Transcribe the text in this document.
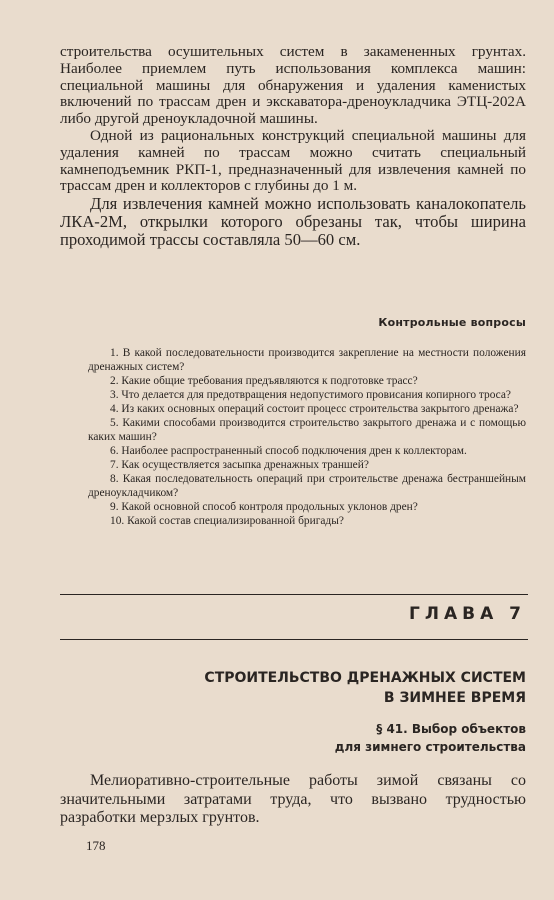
строительства осушительных систем в закамененных грунтах. Наиболее приемлем путь использования комплекса машин: специальной машины для обнаружения и удаления каменистых включений по трассам дрен и экскаватора-дреноукладчика ЭТЦ-202А либо другой дреноукладочной машины.

Одной из рациональных конструкций специальной машины для удаления камней по трассам можно считать специальный камнеподъемник РКП-1, предназначенный для извлечения камней по трассам дрен и коллекторов с глубины до 1 м.

Для извлечения камней можно использовать каналокопатель ЛКА-2М, открылки которого обрезаны так, чтобы ширина проходимой трассы составляла 50—60 см.

Контрольные вопросы

1. В какой последовательности производится закрепление на местности положения дренажных систем?

2. Какие общие требования предъявляются к подготовке трасс?

3. Что делается для предотвращения недопустимого провисания копирного троса?

4. Из каких основных операций состоит процесс строительства закрытого дренажа?

5. Какими способами производится строительство закрытого дренажа и с помощью каких машин?

6. Наиболее распространенный способ подключения дрен к коллекторам.

7. Как осуществляется засыпка дренажных траншей?

8. Какая последовательность операций при строительстве дренажа бестраншейным дреноукладчиком?

9. Какой основной способ контроля продольных уклонов дрен?

10. Какой состав специализированной бригады?

ГЛАВА 7
СТРОИТЕЛЬСТВО ДРЕНАЖНЫХ СИСТЕМ
В ЗИМНЕЕ ВРЕМЯ
§ 41. Выбор объектов
для зимнего строительства

Мелиоративно-строительные работы зимой связаны со значительными затратами труда, что вызвано трудностью разработки мерзлых грунтов.

178
